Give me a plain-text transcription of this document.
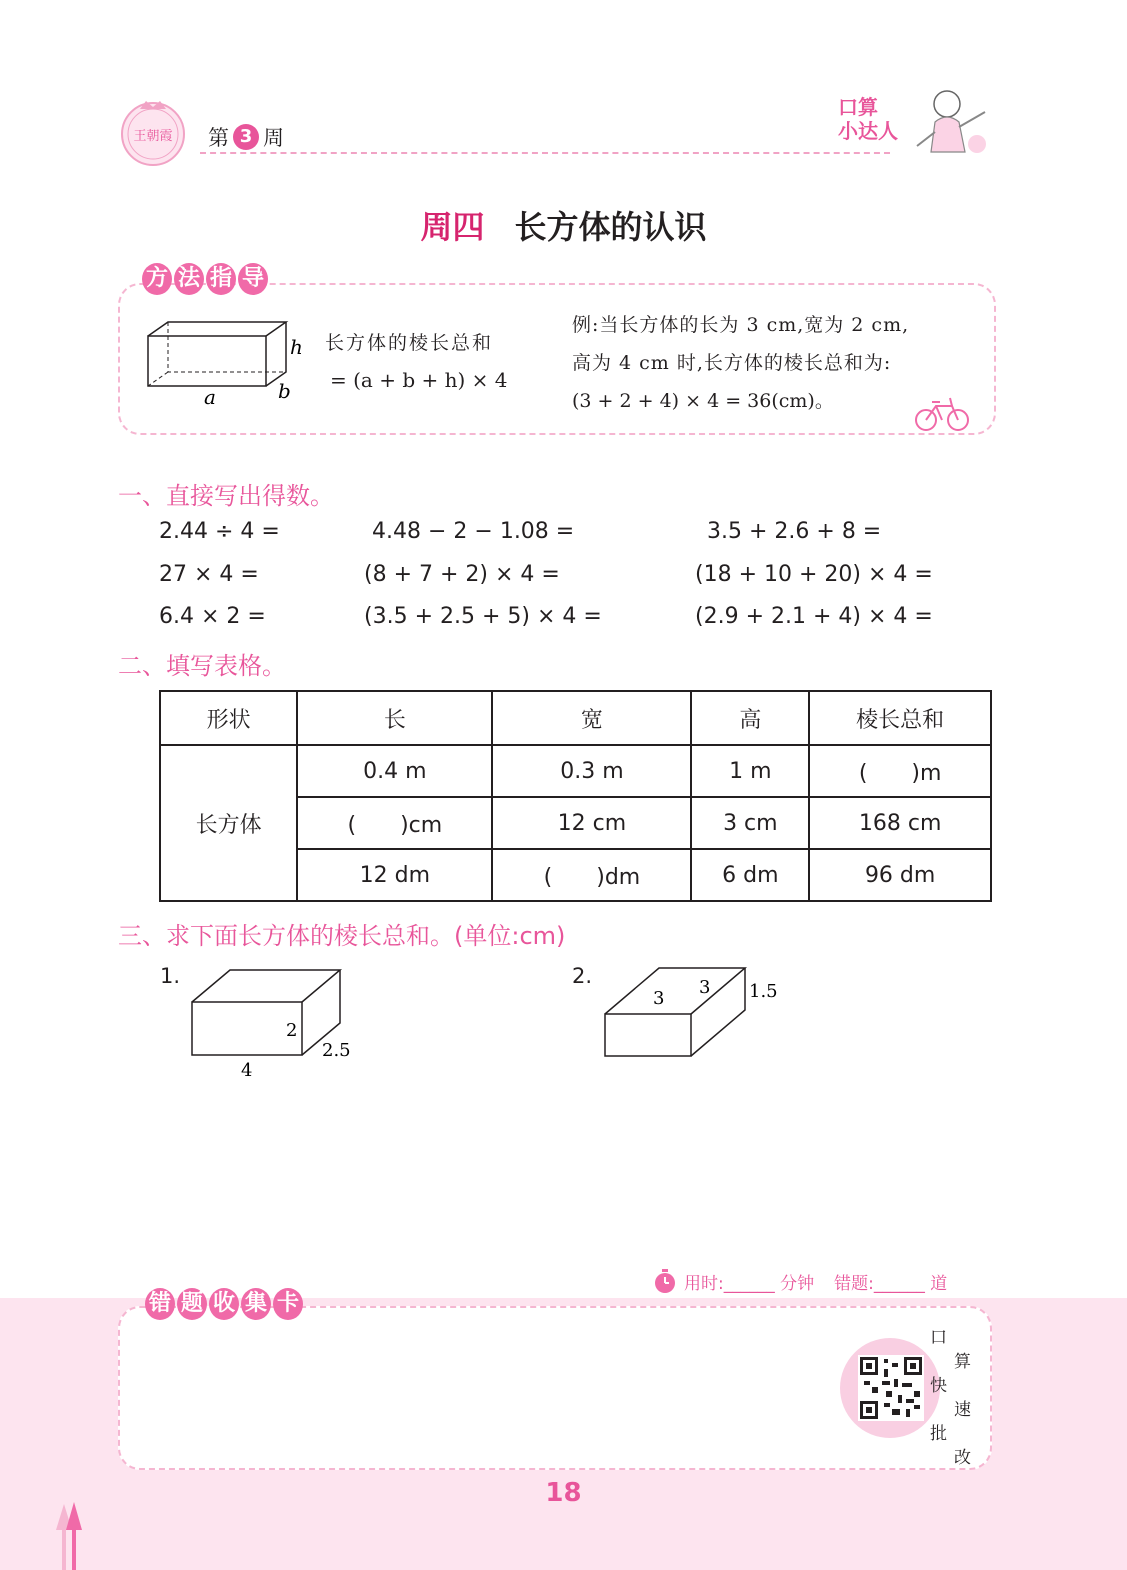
王朝霞 第 3 周
口算
小达人
周四 长方体的认识
方 法 指 导
h
a	b
长方体的棱长总和
= (a + b + h) × 4
例:当长方体的长为 3 cm,宽为 2 cm,
高为 4 cm 时,长方体的棱长总和为:
(3 + 2 + 4) × 4 = 36(cm)。
一、直接写出得数。
2.44 ÷ 4 =	4.48 − 2 − 1.08 =	3.5 + 2.6 + 8 =
27 × 4 =	(8 + 7 + 2) × 4 =	(18 + 10 + 20) × 4 =
6.4 × 2 =	(3.5 + 2.5 + 5) × 4 =	(2.9 + 2.1 + 4) × 4 =
二、填写表格。
形状	长	宽	高	棱长总和
长方体	0.4 m	0.3 m	1 m	(　　)m
	(　　)cm	12 cm	3 cm	168 cm
	12 dm	(　　)dm	6 dm	96 dm
三、求下面长方体的棱长总和。(单位:cm)
1.
4
2
2.5
2.
3
3 1.5
用时:______ 分钟 错题:______ 道
错 题 收 集 卡
口
算
快
速
批
改
18
